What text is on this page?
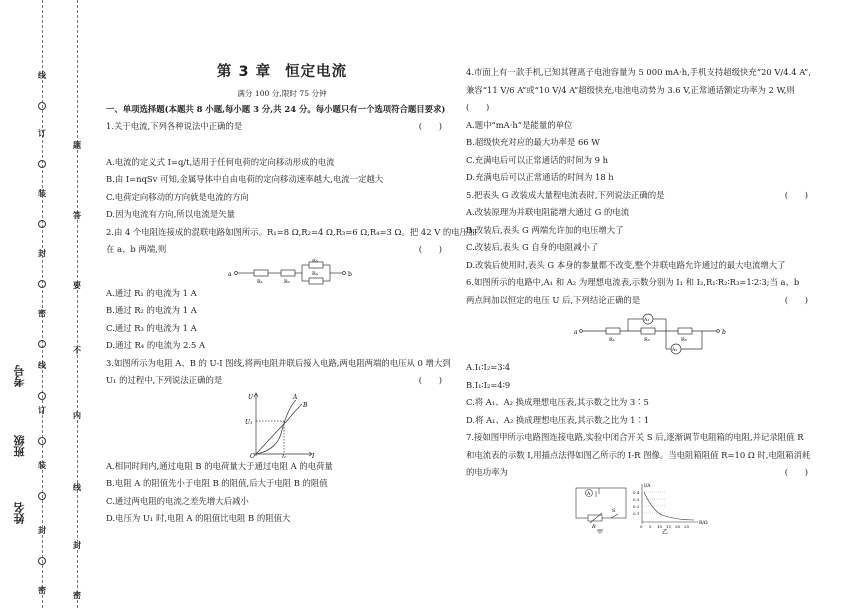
线
订
装
封
密
线
订
装
封
密
题
答
要
不
内
线
封
密
考号
班级
姓名
第 3 章 恒定电流
满分 100 分,限时 75 分钟
一、单项选择题(本题共 8 小题,每小题 3 分,共 24 分。每小题只有一个选项符合题目要求)
1.关于电流,下列各种说法中正确的是	(　　)
A.电流的定义式 I=q/t,适用于任何电荷的定向移动形成的电流
B.由 I=nqSv 可知,金属导体中自由电荷的定向移动速率越大,电流一定越大
C.电荷定向移动的方向就是电流的方向
D.因为电流有方向,所以电流是矢量
2.由 4 个电阻连接成的混联电路如图所示。R₁=8 Ω,R₂=4 Ω,R₃=6 Ω,R₄=3 Ω。把 42 V 的电压加
在 a、b 两端,则	(　　)
a	b
R₁	R₂
R₃
R₄
A.通过 R₁ 的电流为 1 A
B.通过 R₂ 的电流为 1 A
C.通过 R₃ 的电流为 1 A
D.通过 R₄ 的电流为 2.5 A
3.如图所示为电阻 A、B 的 U-I 图线,将两电阻并联后接入电路,两电阻两端的电压从 0 增大到
U₁ 的过程中,下列说法正确的是	(　　)
U
U₁
O	I
I₁
A
B
A.相同时间内,通过电阻 B 的电荷量大于通过电阻 A 的电荷量
B.电阻 A 的阻值先小于电阻 B 的阻值,后大于电阻 B 的阻值
C.通过两电阻的电流之差先增大后减小
D.电压为 U₁ 时,电阻 A 的阻值比电阻 B 的阻值大
4.市面上有一款手机,已知其锂离子电池容量为 5 000 mA·h,手机支持超级快充“20 V/4.4 A”,
兼容“11 V/6 A”或“10 V/4 A”超级快充,电池电动势为 3.6 V,正常通话额定功率为 2 W,则
(　　)
A.题中“mA·h”是能量的单位
B.超级快充对应的最大功率是 66 W
C.充满电后可以正常通话的时间为 9 h
D.充满电后可以正常通话的时间为 18 h
5.把表头 G 改装成大量程电流表时,下列说法正确的是	(　　)
A.改装原理为并联电阻能增大通过 G 的电流
B.改装后,表头 G 两端允许加的电压增大了
C.改装后,表头 G 自身的电阻减小了
D.改装后使用时,表头 G 本身的参量都不改变,整个并联电路允许通过的最大电流增大了
6.如图所示的电路中,A₁ 和 A₂ 为理想电流表,示数分别为 I₁ 和 I₂,R₁∶R₂∶R₃=1∶2∶3;当 a、b
两点间加以恒定的电压 U 后,下列结论正确的是	(　　)
a	b
A₁
A₂
R₁	R₂	R₃
A.I₁∶I₂=3∶4
B.I₁∶I₂=4∶9
C.将 A₁、A₂ 换成理想电压表,其示数之比为 3∶5
D.将 A₁、A₂ 换成理想电压表,其示数之比为 1∶1
7.接如图甲所示电路图连接电路,实验中闭合开关 S 后,逐渐调节电阻箱的电阻,并记录阻值 R
和电流表的示数 I,用描点法得如图乙所示的 I-R 图像。当电阻箱阻值 R=10 Ω 时,电阻箱消耗
的电功率为	(　　)
A
R
S
甲
I/A
R/Ω
0.4
0.3
0.2
0.1
0 5 10 15 20 25
乙
